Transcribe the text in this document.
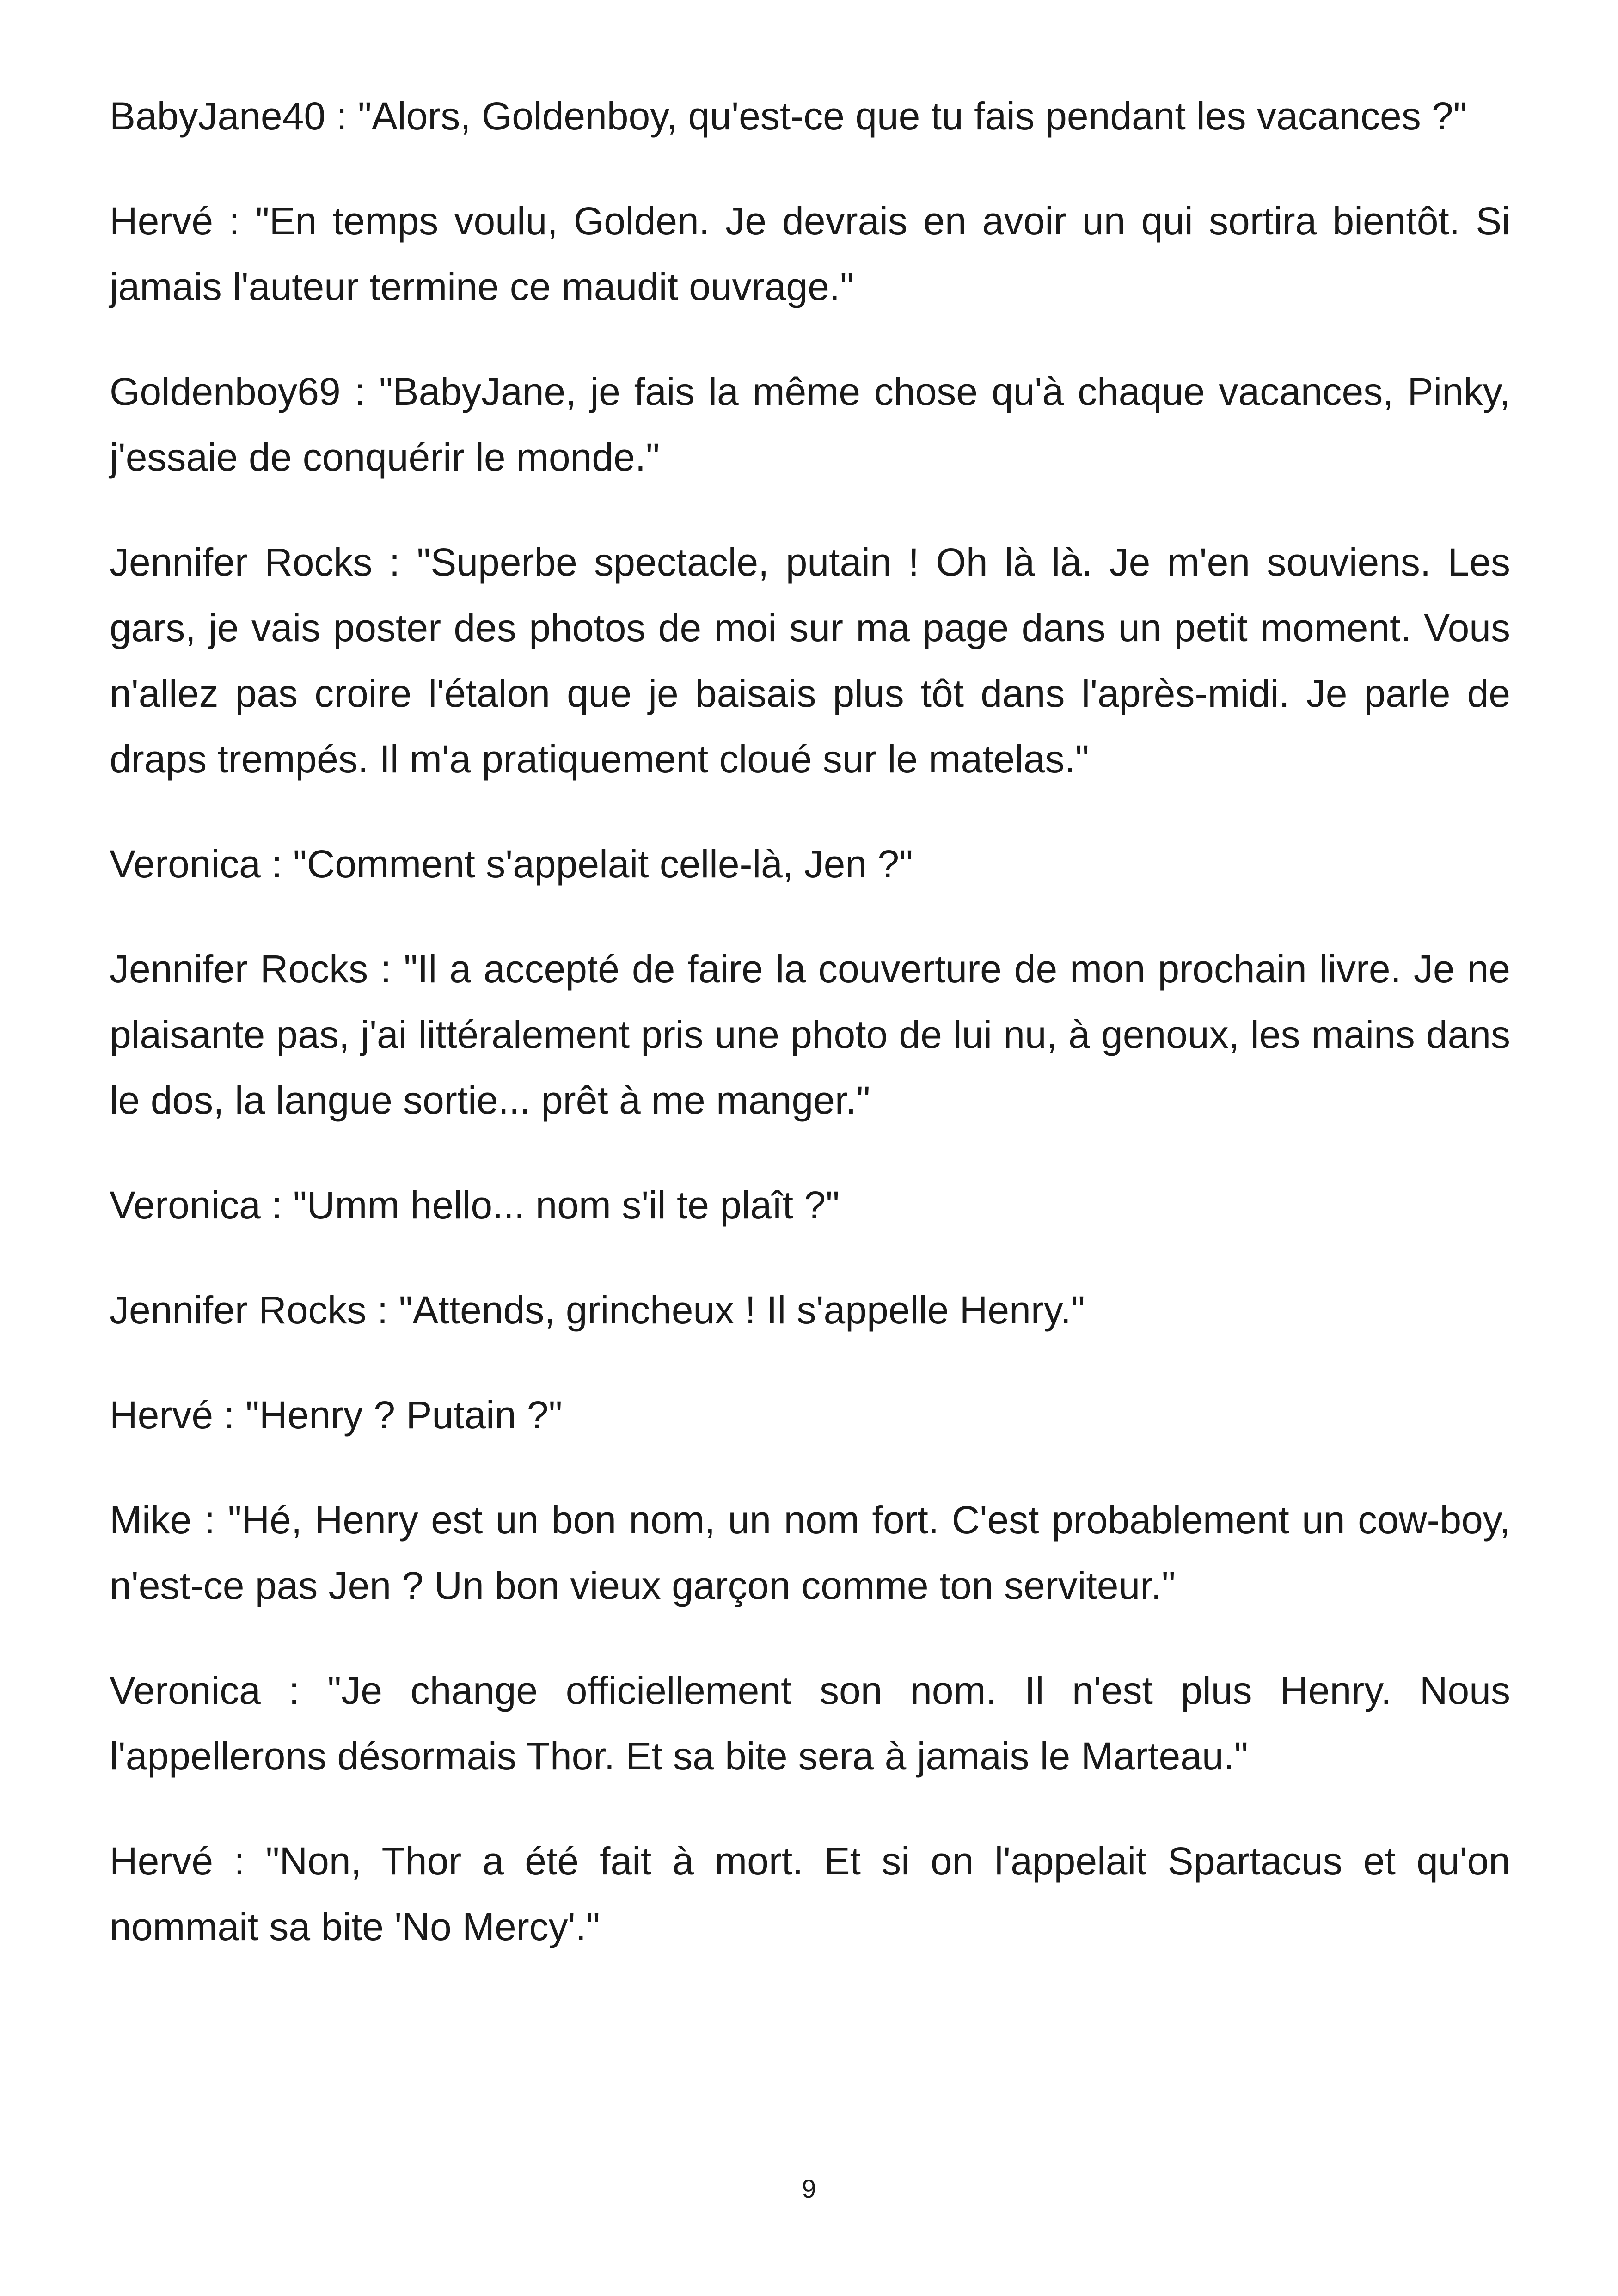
BabyJane40 : "Alors, Goldenboy, qu'est-ce que tu fais pendant les vacances ?"

Hervé : "En temps voulu, Golden. Je devrais en avoir un qui sortira bientôt. Si jamais l'auteur termine ce maudit ouvrage."

Goldenboy69 : "BabyJane, je fais la même chose qu'à chaque vacances, Pinky, j'essaie de conquérir le monde."

Jennifer Rocks : "Superbe spectacle, putain ! Oh là là. Je m'en souviens. Les gars, je vais poster des photos de moi sur ma page dans un petit moment. Vous n'allez pas croire l'étalon que je baisais plus tôt dans l'après-midi. Je parle de draps trempés. Il m'a pratiquement cloué sur le matelas."

Veronica : "Comment s'appelait celle-là, Jen ?"

Jennifer Rocks : "Il a accepté de faire la couverture de mon prochain livre. Je ne plaisante pas, j'ai littéralement pris une photo de lui nu, à genoux, les mains dans le dos, la langue sortie... prêt à me manger."

Veronica : "Umm hello... nom s'il te plaît ?"

Jennifer Rocks : "Attends, grincheux ! Il s'appelle Henry."

Hervé : "Henry ? Putain ?"

Mike : "Hé, Henry est un bon nom, un nom fort. C'est probablement un cow-boy, n'est-ce pas Jen ? Un bon vieux garçon comme ton serviteur."

Veronica : "Je change officiellement son nom. Il n'est plus Henry. Nous l'appellerons désormais Thor. Et sa bite sera à jamais le Marteau."

Hervé : "Non, Thor a été fait à mort. Et si on l'appelait Spartacus et qu'on nommait sa bite 'No Mercy'."

9
